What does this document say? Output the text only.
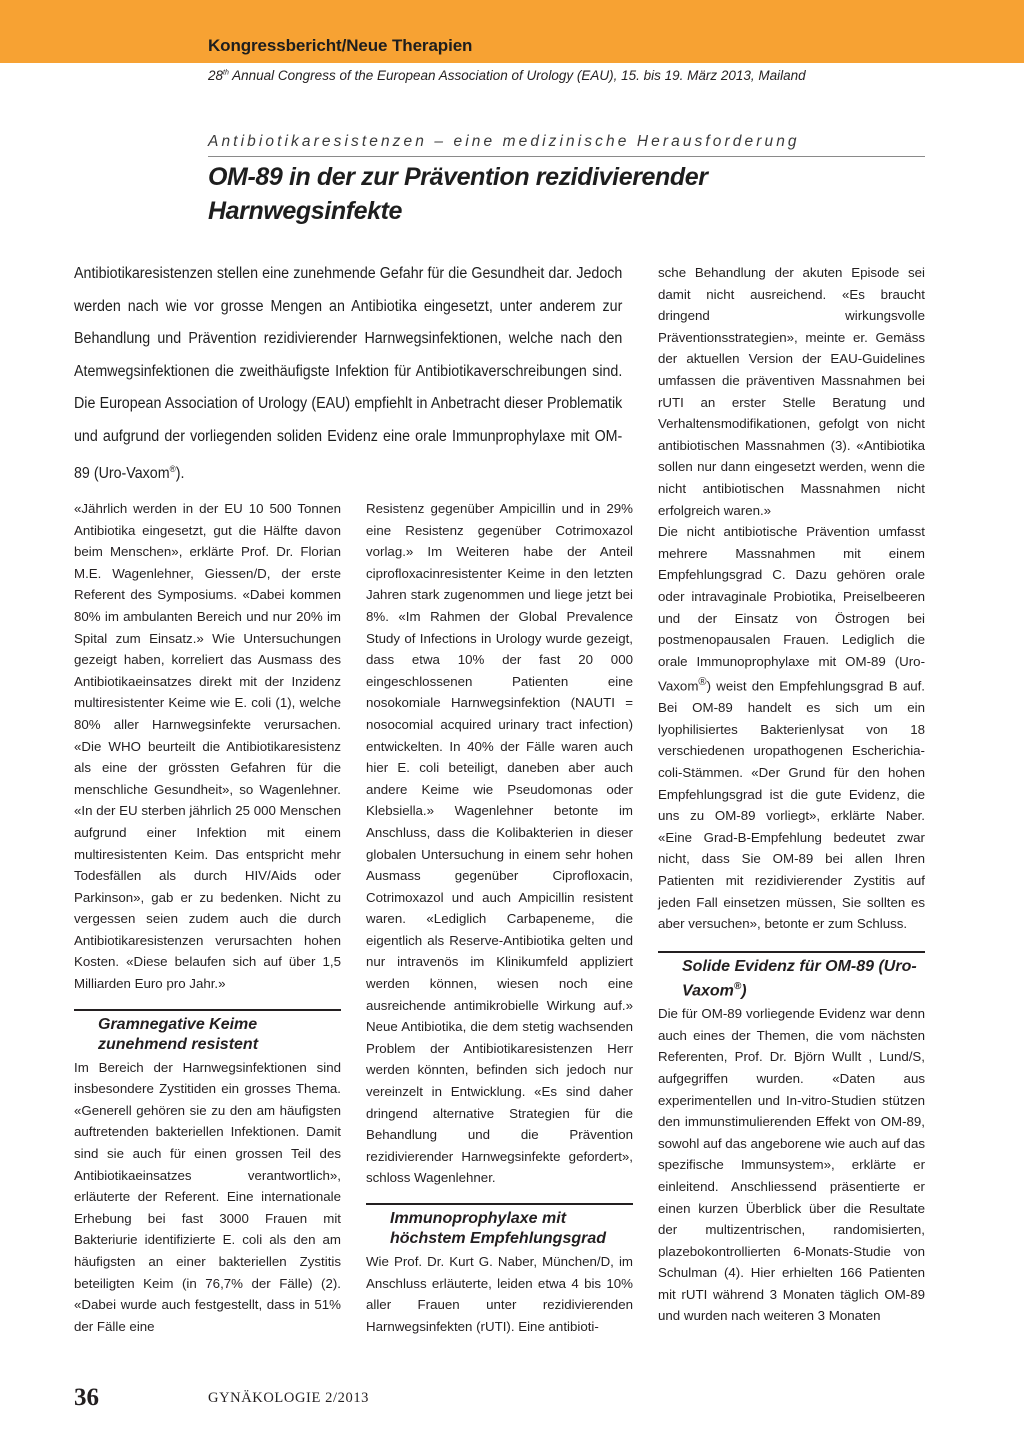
Kongressbericht/Neue Therapien
28th Annual Congress of the European Association of Urology (EAU), 15. bis 19. März 2013, Mailand
Antibiotikaresistenzen – eine medizinische Herausforderung
OM-89 in der zur Prävention rezidivierender Harnwegsinfekte
Antibiotikaresistenzen stellen eine zunehmende Gefahr für die Gesundheit dar. Jedoch werden nach wie vor grosse Mengen an Antibiotika eingesetzt, unter anderem zur Behandlung und Prävention rezidivierender Harnwegsinfektionen, welche nach den Atemwegsinfektionen die zweithäufigste Infektion für Antibiotikaverschreibungen sind. Die European Association of Urology (EAU) empfiehlt in Anbetracht dieser Problematik und aufgrund der vorliegenden soliden Evidenz eine orale Immunprophylaxe mit OM-89 (Uro-Vaxom®).

«Jährlich werden in der EU 10 500 Tonnen Antibiotika eingesetzt, gut die Hälfte davon beim Menschen», erklärte Prof. Dr. Florian M.E. Wagenlehner, Giessen/D, der erste Referent des Symposiums. «Dabei kommen 80% im ambulanten Bereich und nur 20% im Spital zum Einsatz.» Wie Untersuchungen gezeigt haben, korreliert das Ausmass des Antibiotikaeinsatzes direkt mit der Inzidenz multiresistenter Keime wie E. coli (1), welche 80% aller Harnwegsinfekte verursachen. «Die WHO beurteilt die Antibiotikaresistenz als eine der grössten Gefahren für die menschliche Gesundheit», so Wagenlehner. «In der EU sterben jährlich 25 000 Menschen aufgrund einer Infektion mit einem multiresistenten Keim. Das entspricht mehr Todesfällen als durch HIV/Aids oder Parkinson», gab er zu bedenken. Nicht zu vergessen seien zudem auch die durch Antibiotikaresistenzen verursachten hohen Kosten. «Diese belaufen sich auf über 1,5 Milliarden Euro pro Jahr.»

Gramnegative Keime zunehmend resistent

Im Bereich der Harnwegsinfektionen sind insbesondere Zystitiden ein grosses Thema. «Generell gehören sie zu den am häufigsten auftretenden bakteriellen Infektionen. Damit sind sie auch für einen grossen Teil des Antibiotikaeinsatzes verantwortlich», erläuterte der Referent. Eine internationale Erhebung bei fast 3000 Frauen mit Bakteriurie identifizierte E. coli als den am häufigsten an einer bakteriellen Zystitis beteiligten Keim (in 76,7% der Fälle) (2). «Dabei wurde auch festgestellt, dass in 51% der Fälle eine

Resistenz gegenüber Ampicillin und in 29% eine Resistenz gegenüber Cotrimoxazol vorlag.» Im Weiteren habe der Anteil ciprofloxacinresistenter Keime in den letzten Jahren stark zugenommen und liege jetzt bei 8%. «Im Rahmen der Global Prevalence Study of Infections in Urology wurde gezeigt, dass etwa 10% der fast 20 000 eingeschlossenen Patienten eine nosokomiale Harnwegsinfektion (NAUTI = nosocomial acquired urinary tract infection) entwickelten. In 40% der Fälle waren auch hier E. coli beteiligt, daneben aber auch andere Keime wie Pseudomonas oder Klebsiella.» Wagenlehner betonte im Anschluss, dass die Kolibakterien in dieser globalen Untersuchung in einem sehr hohen Ausmass gegenüber Ciprofloxacin, Cotrimoxazol und auch Ampicillin resistent waren. «Lediglich Carbapeneme, die eigentlich als Reserve-Antibiotika gelten und nur intravenös im Klinikumfeld appliziert werden können, wiesen noch eine ausreichende antimikrobielle Wirkung auf.» Neue Antibiotika, die dem stetig wachsenden Problem der Antibiotikaresistenzen Herr werden könnten, befinden sich jedoch nur vereinzelt in Entwicklung. «Es sind daher dringend alternative Strategien für die Behandlung und die Prävention rezidivierender Harnwegsinfekte gefordert», schloss Wagenlehner.

Immunoprophylaxe mit höchstem Empfehlungsgrad

Wie Prof. Dr. Kurt G. Naber, München/D, im Anschluss erläuterte, leiden etwa 4 bis 10% aller Frauen unter rezidivierenden Harnwegsinfekten (rUTI). Eine antibioti-

sche Behandlung der akuten Episode sei damit nicht ausreichend. «Es braucht dringend wirkungsvolle Präventionsstrategien», meinte er. Gemäss der aktuellen Version der EAU-Guidelines umfassen die präventiven Massnahmen bei rUTI an erster Stelle Beratung und Verhaltensmodifikationen, gefolgt von nicht antibiotischen Massnahmen (3). «Antibiotika sollen nur dann eingesetzt werden, wenn die nicht antibiotischen Massnahmen nicht erfolgreich waren.»

Die nicht antibiotische Prävention umfasst mehrere Massnahmen mit einem Empfehlungsgrad C. Dazu gehören orale oder intravaginale Probiotika, Preiselbeeren und der Einsatz von Östrogen bei postmenopausalen Frauen. Lediglich die orale Immunoprophylaxe mit OM-89 (Uro-Vaxom®) weist den Empfehlungsgrad B auf. Bei OM-89 handelt es sich um ein lyophilisiertes Bakterienlysat von 18 verschiedenen uropathogenen Escherichia-coli-Stämmen. «Der Grund für den hohen Empfehlungsgrad ist die gute Evidenz, die uns zu OM-89 vorliegt», erklärte Naber. «Eine Grad-B-Empfehlung bedeutet zwar nicht, dass Sie OM-89 bei allen Ihren Patienten mit rezidivierender Zystitis auf jeden Fall einsetzen müssen, Sie sollten es aber versuchen», betonte er zum Schluss.

Solide Evidenz für OM-89 (Uro-Vaxom®)

Die für OM-89 vorliegende Evidenz war denn auch eines der Themen, die vom nächsten Referenten, Prof. Dr. Björn Wullt , Lund/S, aufgegriffen wurden. «Daten aus experimentellen und In-vitro-Studien stützen den immunstimulierenden Effekt von OM-89, sowohl auf das angeborene wie auch auf das spezifische Immunsystem», erklärte er einleitend. Anschliessend präsentierte er einen kurzen Überblick über die Resultate der multizentrischen, randomisierten, plazebokontrollierten 6-Monats-Studie von Schulman (4). Hier erhielten 166 Patienten mit rUTI während 3 Monaten täglich OM-89 und wurden nach weiteren 3 Monaten

36	GYNÄKOLOGIE 2/2013
